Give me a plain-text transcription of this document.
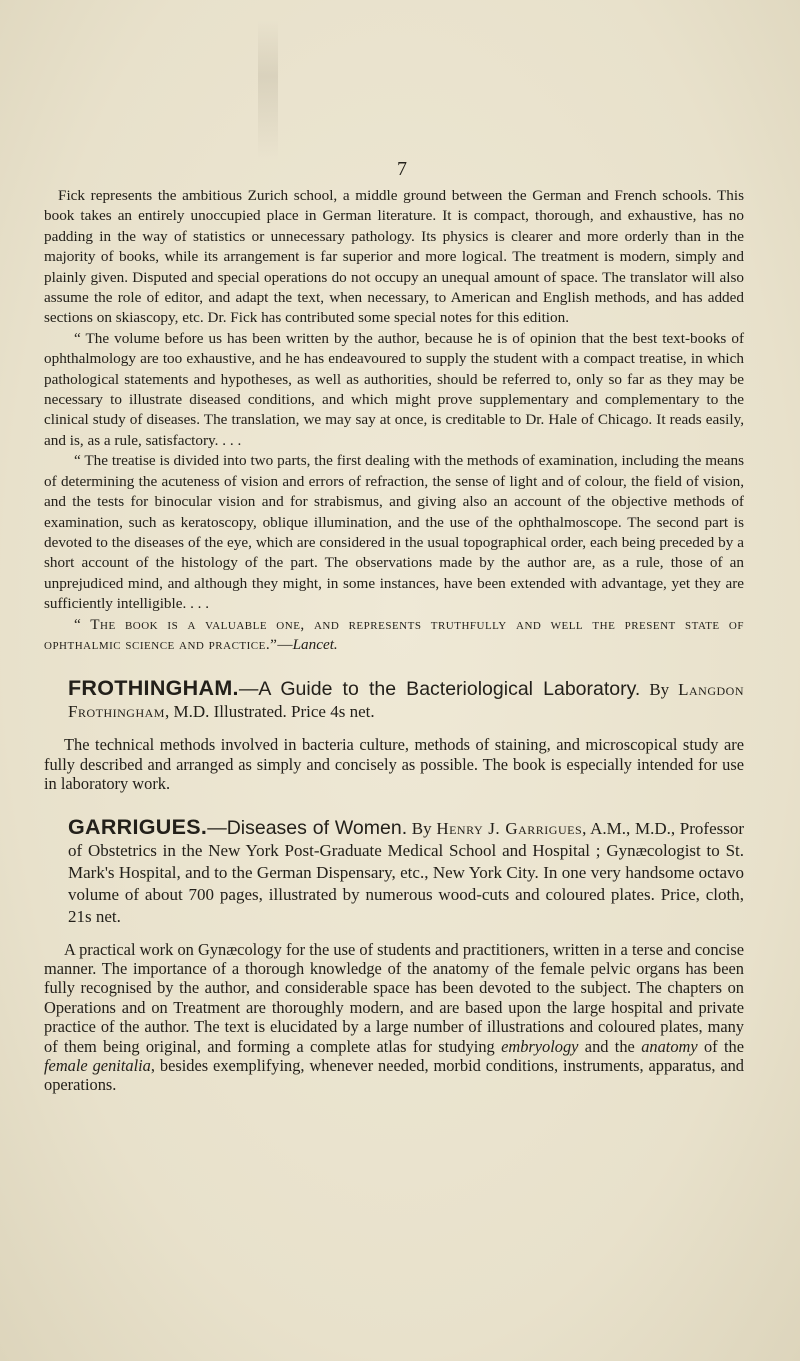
7

Fick represents the ambitious Zurich school, a middle ground between the German and French schools. This book takes an entirely unoccupied place in German literature. It is compact, thorough, and exhaustive, has no padding in the way of statistics or unnecessary pathology. Its physics is clearer and more orderly than in the majority of books, while its arrangement is far superior and more logical. The treatment is modern, simply and plainly given. Disputed and special operations do not occupy an unequal amount of space. The translator will also assume the role of editor, and adapt the text, when necessary, to American and English methods, and has added sections on skiascopy, etc. Dr. Fick has contributed some special notes for this edition.

“ The volume before us has been written by the author, because he is of opinion that the best text-books of ophthalmology are too exhaustive, and he has endeavoured to supply the student with a compact treatise, in which pathological statements and hypotheses, as well as authorities, should be referred to, only so far as they may be necessary to illustrate diseased conditions, and which might prove supplementary and complementary to the clinical study of diseases. The translation, we may say at once, is creditable to Dr. Hale of Chicago. It reads easily, and is, as a rule, satisfactory. . . .

“ The treatise is divided into two parts, the first dealing with the methods of examination, including the means of determining the acuteness of vision and errors of refraction, the sense of light and of colour, the field of vision, and the tests for binocular vision and for strabismus, and giving also an account of the objective methods of examination, such as keratoscopy, oblique illumination, and the use of the ophthalmoscope. The second part is devoted to the diseases of the eye, which are considered in the usual topographical order, each being preceded by a short account of the histology of the part. The observations made by the author are, as a rule, those of an unprejudiced mind, and although they might, in some instances, have been extended with advantage, yet they are sufficiently intelligible. . . .

“ The book is a valuable one, and represents truthfully and well the present state of ophthalmic science and practice.”—Lancet.

FROTHINGHAM.—A Guide to the Bacteriological Laboratory. By Langdon Frothingham, M.D. Illustrated. Price 4s net.

The technical methods involved in bacteria culture, methods of staining, and microscopical study are fully described and arranged as simply and concisely as possible. The book is especially intended for use in laboratory work.

GARRIGUES.—Diseases of Women. By Henry J. Garrigues, A.M., M.D., Professor of Obstetrics in the New York Post-Graduate Medical School and Hospital ; Gynæcologist to St. Mark's Hospital, and to the German Dispensary, etc., New York City. In one very handsome octavo volume of about 700 pages, illustrated by numerous wood-cuts and coloured plates. Price, cloth, 21s net.

A practical work on Gynæcology for the use of students and practitioners, written in a terse and concise manner. The importance of a thorough knowledge of the anatomy of the female pelvic organs has been fully recognised by the author, and considerable space has been devoted to the subject. The chapters on Operations and on Treatment are thoroughly modern, and are based upon the large hospital and private practice of the author. The text is elucidated by a large number of illustrations and coloured plates, many of them being original, and forming a complete atlas for studying embryology and the anatomy of the female genitalia, besides exemplifying, whenever needed, morbid conditions, instruments, apparatus, and operations.
